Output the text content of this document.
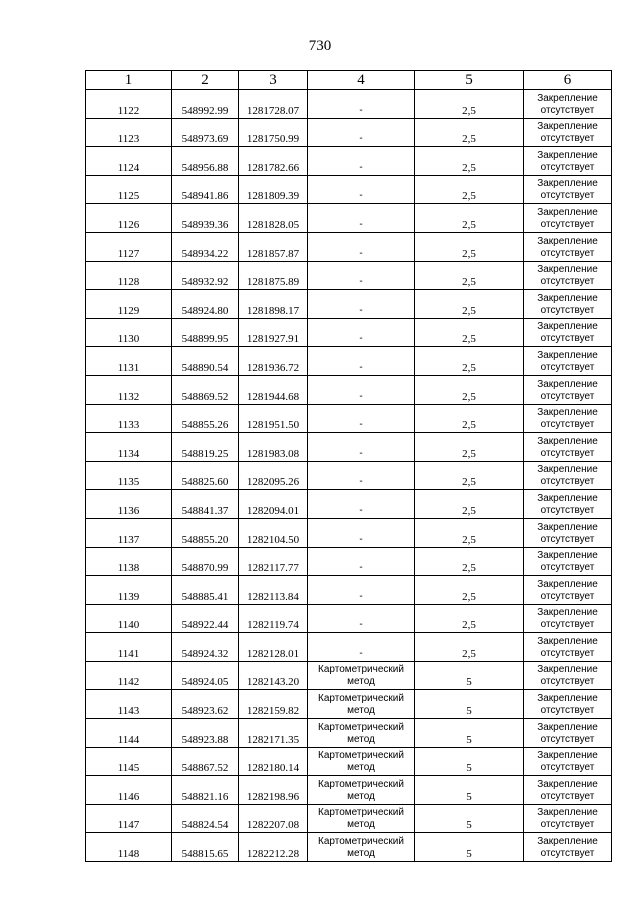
730
1	2	3	4	5	6
1122	548992.99	1281728.07	-	2,5	Закрепление отсутствует
1123	548973.69	1281750.99	-	2,5	Закрепление отсутствует
1124	548956.88	1281782.66	-	2,5	Закрепление отсутствует
1125	548941.86	1281809.39	-	2,5	Закрепление отсутствует
1126	548939.36	1281828.05	-	2,5	Закрепление отсутствует
1127	548934.22	1281857.87	-	2,5	Закрепление отсутствует
1128	548932.92	1281875.89	-	2,5	Закрепление отсутствует
1129	548924.80	1281898.17	-	2,5	Закрепление отсутствует
1130	548899.95	1281927.91	-	2,5	Закрепление отсутствует
1131	548890.54	1281936.72	-	2,5	Закрепление отсутствует
1132	548869.52	1281944.68	-	2,5	Закрепление отсутствует
1133	548855.26	1281951.50	-	2,5	Закрепление отсутствует
1134	548819.25	1281983.08	-	2,5	Закрепление отсутствует
1135	548825.60	1282095.26	-	2,5	Закрепление отсутствует
1136	548841.37	1282094.01	-	2,5	Закрепление отсутствует
1137	548855.20	1282104.50	-	2,5	Закрепление отсутствует
1138	548870.99	1282117.77	-	2,5	Закрепление отсутствует
1139	548885.41	1282113.84	-	2,5	Закрепление отсутствует
1140	548922.44	1282119.74	-	2,5	Закрепление отсутствует
1141	548924.32	1282128.01	-	2,5	Закрепление отсутствует
1142	548924.05	1282143.20	Картометрический метод	5	Закрепление отсутствует
1143	548923.62	1282159.82	Картометрический метод	5	Закрепление отсутствует
1144	548923.88	1282171.35	Картометрический метод	5	Закрепление отсутствует
1145	548867.52	1282180.14	Картометрический метод	5	Закрепление отсутствует
1146	548821.16	1282198.96	Картометрический метод	5	Закрепление отсутствует
1147	548824.54	1282207.08	Картометрический метод	5	Закрепление отсутствует
1148	548815.65	1282212.28	Картометрический метод	5	Закрепление отсутствует
